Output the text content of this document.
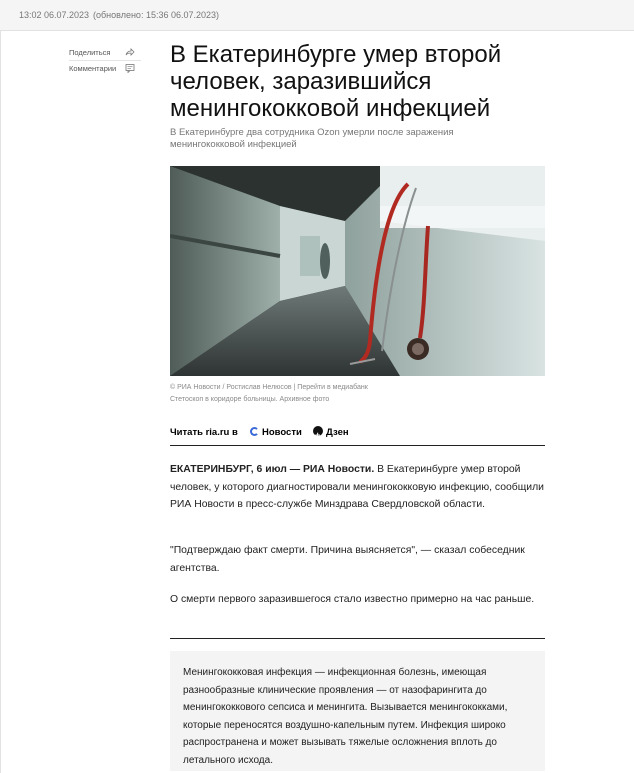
13:02 06.07.2023 (обновлено: 15:36 06.07.2023)
Поделиться
Комментарии
В Екатеринбурге умер второй человек, заразившийся менингококковой инфекцией
В Екатеринбурге два сотрудника Ozon умерли после заражения менингококковой инфекцией
© РИА Новости / Ростислав Нелюсов | Перейти в медиабанк
Стетоскоп в коридоре больницы. Архивное фото
Читать ria.ru в	Новости
+	Дзен
ЕКАТЕРИНБУРГ, 6 июл — РИА Новости. В Екатеринбурге умер второй человек, у которого диагностировали менингококковую инфекцию, сообщили РИА Новости в пресс-службе Минздрава Свердловской области.
"Подтверждаю факт смерти. Причина выясняется", — сказал собеседник агентства.
О смерти первого заразившегося стало известно примерно на час раньше.
Менингококковая инфекция — инфекционная болезнь, имеющая разнообразные клинические проявления — от назофарингита до менингококкового сепсиса и менингита. Вызывается менингококками, которые переносятся воздушно-капельным путем. Инфекция широко распространена и может вызывать тяжелые осложнения вплоть до летального исхода.
